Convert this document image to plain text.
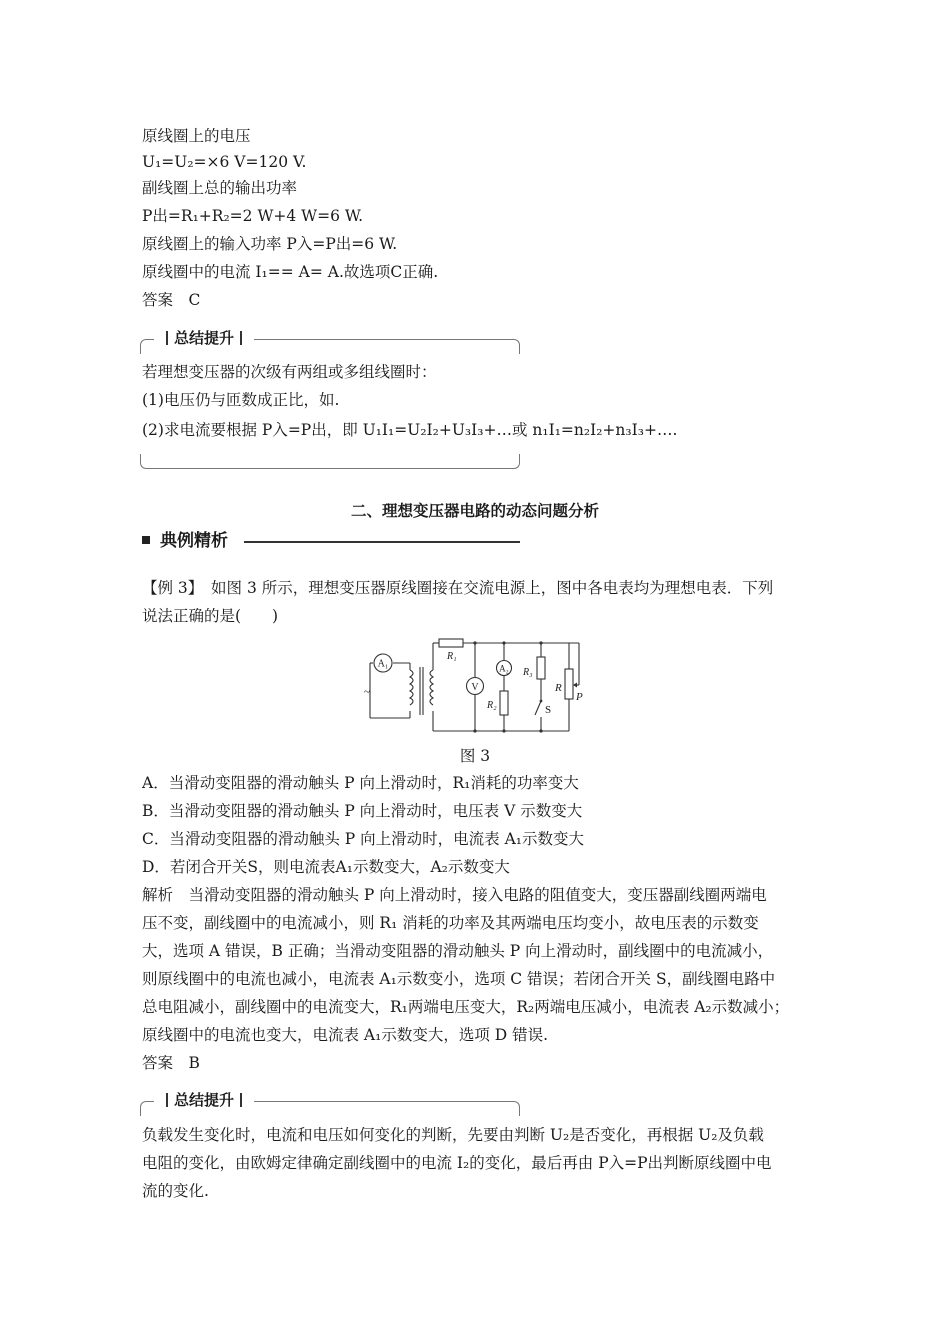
原线圈上的电压
U₁=U₂=×6 V=120 V.
副线圈上总的输出功率
P出=R₁+R₂=2 W+4 W=6 W.
原线圈上的输入功率 P入=P出=6 W.
原线圈中的电流 I₁== A= A.故选项C正确.
答案　C
总结提升
若理想变压器的次级有两组或多组线圈时：
(1)电压仍与匝数成正比，如.
(2)求电流要根据 P入=P出，即 U₁I₁=U₂I₂+U₃I₃+…或 n₁I₁=n₂I₂+n₃I₃+….
二、理想变压器电路的动态问题分析
典例精析
【例 3】　如图 3 所示，理想变压器原线圈接在交流电源上，图中各电表均为理想电表．下列
说法正确的是(　　)
A₁
V
A₂
~
R₁
R₂
R₃
R
P
S
图 3
A．当滑动变阻器的滑动触头 P 向上滑动时，R₁消耗的功率变大
B．当滑动变阻器的滑动触头 P 向上滑动时，电压表 V 示数变大
C．当滑动变阻器的滑动触头 P 向上滑动时，电流表 A₁示数变大
D．若闭合开关S，则电流表A₁示数变大，A₂示数变大
解析　当滑动变阻器的滑动触头 P 向上滑动时，接入电路的阻值变大，变压器副线圈两端电
压不变，副线圈中的电流减小，则 R₁ 消耗的功率及其两端电压均变小，故电压表的示数变
大，选项 A 错误，B 正确；当滑动变阻器的滑动触头 P 向上滑动时，副线圈中的电流减小，
则原线圈中的电流也减小，电流表 A₁示数变小，选项 C 错误；若闭合开关 S，副线圈电路中
总电阻减小，副线圈中的电流变大，R₁两端电压变大，R₂两端电压减小，电流表 A₂示数减小；
原线圈中的电流也变大，电流表 A₁示数变大，选项 D 错误.
答案　B
总结提升
负载发生变化时，电流和电压如何变化的判断，先要由判断 U₂是否变化，再根据 U₂及负载
电阻的变化，由欧姆定律确定副线圈中的电流 I₂的变化，最后再由 P入=P出判断原线圈中电
流的变化.
